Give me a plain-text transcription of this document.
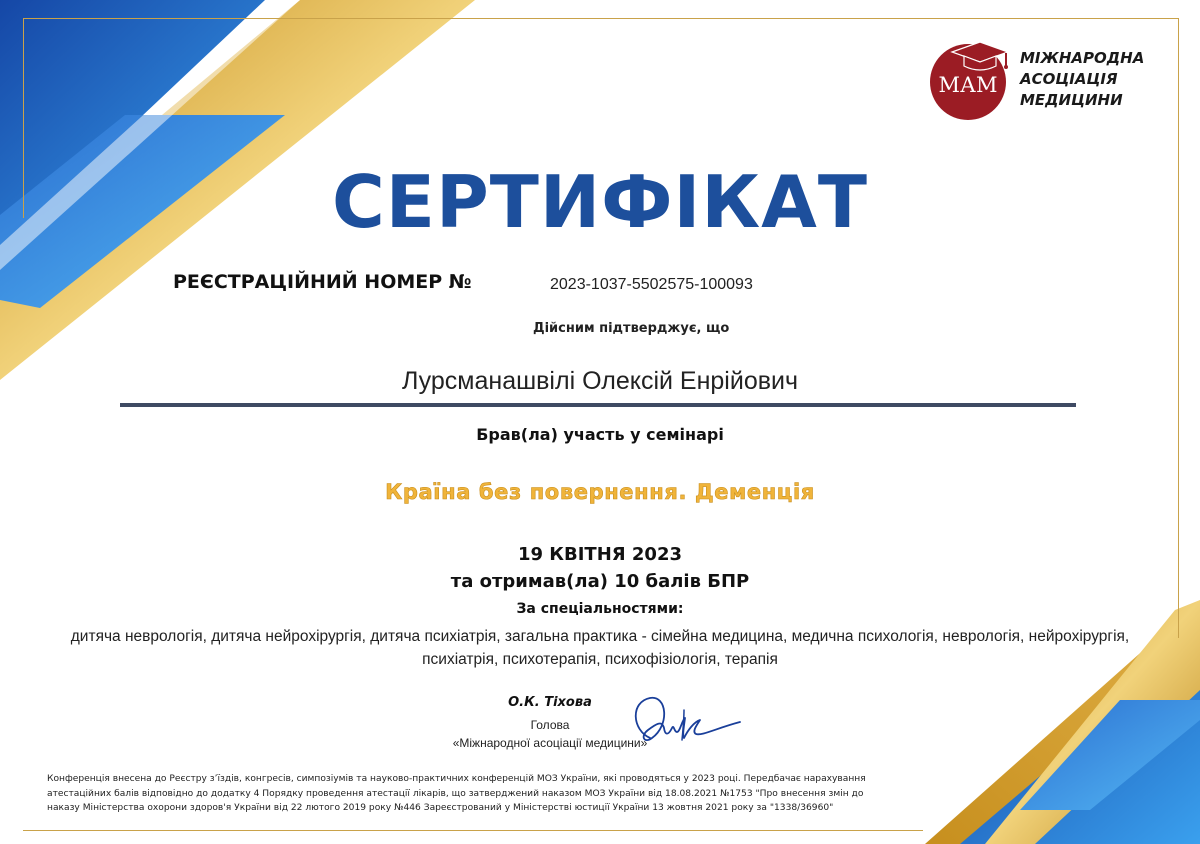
МАМ
МІЖНАРОДНА
АСОЦІАЦІЯ
МЕДИЦИНИ
СЕРТИФІКАТ
РЕЄСТРАЦІЙНИЙ НОМЕР №	2023-1037-5502575-100093
Дійсним підтверджує, що
Лурсманашвілі Олексій Енрійович
Брав(ла) участь у семінарі
Країна без повернення. Деменція
19 КВІТНЯ 2023
та отримав(ла) 10 балів БПР
За спеціальностями:
дитяча неврологія, дитяча нейрохірургія, дитяча психіатрія, загальна практика - сімейна медицина, медична психологія, неврологія, нейрохірургія, психіатрія, психотерапія, психофізіологія, терапія
О.К. Тіхова
Голова
«Міжнародної асоціації медицини»
Конференція внесена до Реєстру з’їздів, конгресів, симпозіумів та науково-практичних конференцій МОЗ України, які проводяться у 2023 році. Передбачає нарахування атестаційних балів відповідно до додатку 4 Порядку проведення атестації лікарів, що затверджений наказом МОЗ України від 18.08.2021 №1753 "Про внесення змін до наказу Міністерства охорони здоров'я України від 22 лютого 2019 року №446 Зареєстрований у Міністерстві юстиції України 13 жовтня 2021 року за "1338/36960"
